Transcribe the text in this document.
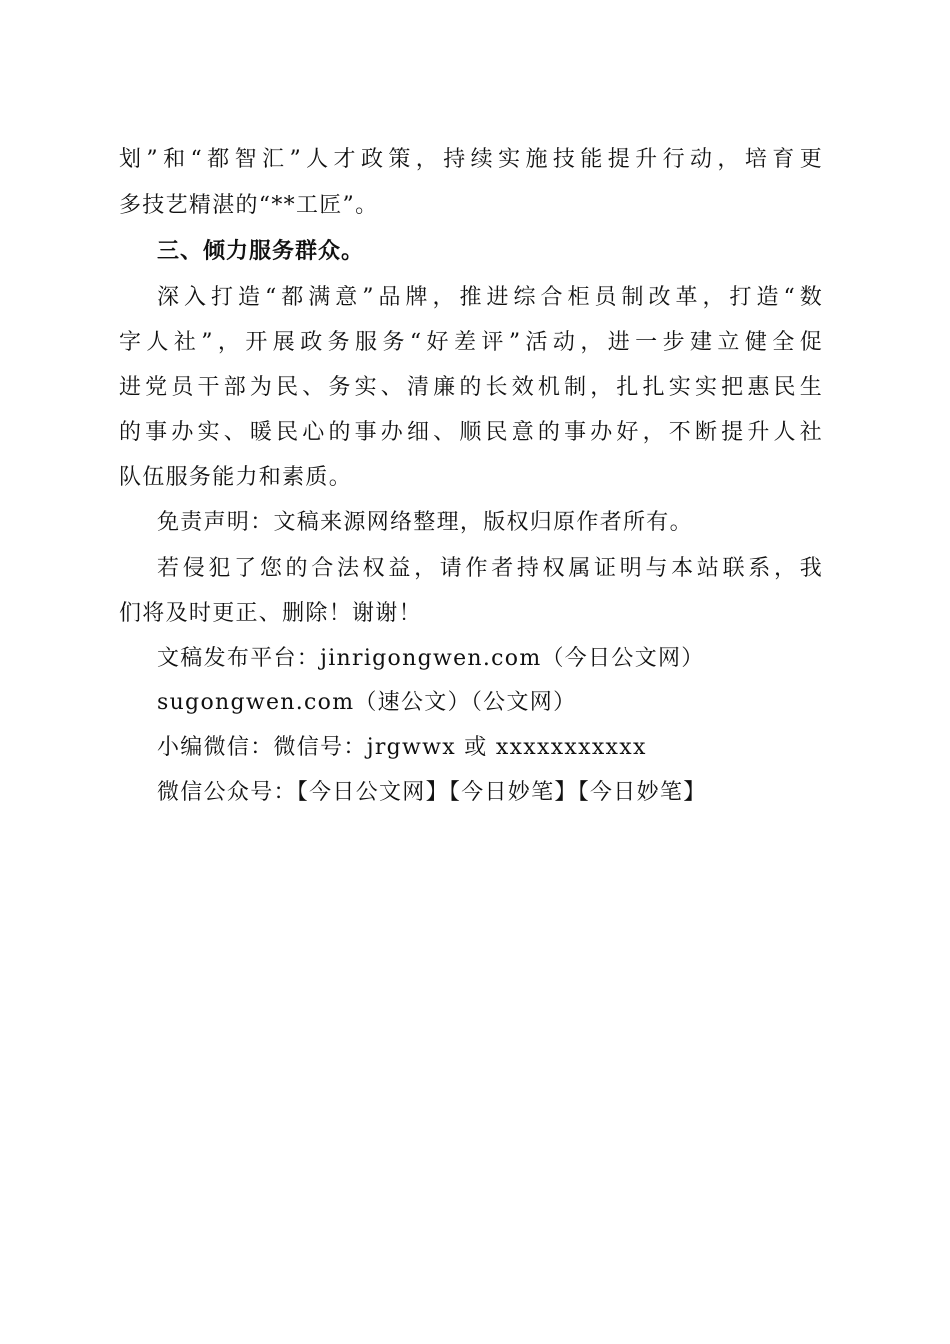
划”和“都智汇”人才政策，持续实施技能提升行动，培育更
多技艺精湛的“**工匠”。
三、倾力服务群众。
深入打造“都满意”品牌，推进综合柜员制改革，打造“数
字人社”，开展政务服务“好差评”活动，进一步建立健全促
进党员干部为民、务实、清廉的长效机制，扎扎实实把惠民生
的事办实、暖民心的事办细、顺民意的事办好，不断提升人社
队伍服务能力和素质。
免责声明：文稿来源网络整理，版权归原作者所有。
若侵犯了您的合法权益，请作者持权属证明与本站联系，我
们将及时更正、删除！谢谢！
文稿发布平台：jinrigongwen.com（今日公文网）
sugongwen.com（速公文）（公文网）
小编微信：微信号：jrgwwx 或 xxxxxxxxxxx
微信公众号：【今日公文网】【今日妙笔】【今日妙笔】
